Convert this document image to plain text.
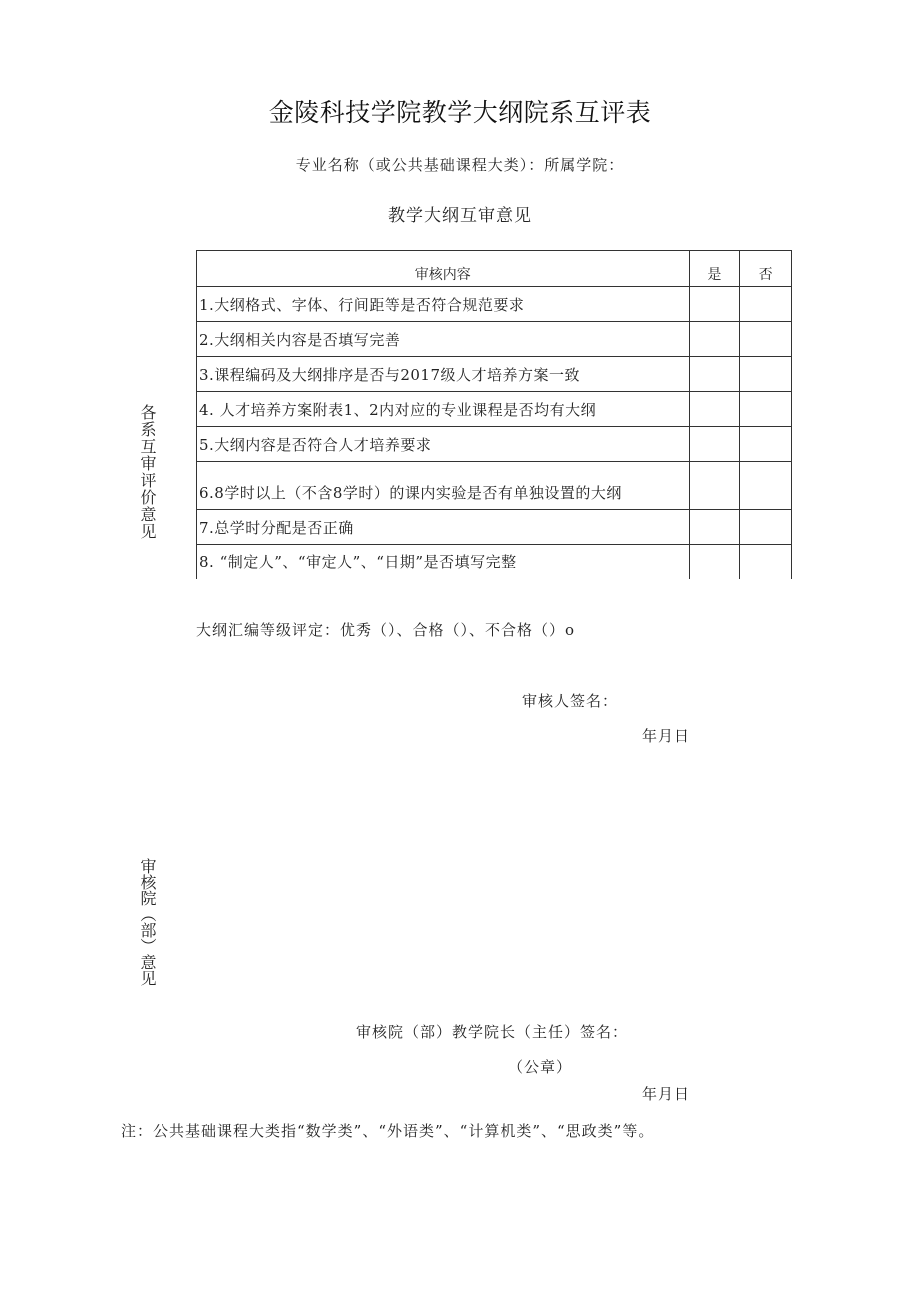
金陵科技学院教学大纲院系互评表
专业名称（或公共基础课程大类）：所属学院：
教学大纲互审意见
各系互审评价意见
审核内容	是	否
1.大纲格式、字体、行间距等是否符合规范要求		
2.大纲相关内容是否填写完善		
3.课程编码及大纲排序是否与2017级人才培养方案一致		
4. 人才培养方案附表1、2内对应的专业课程是否均有大纲		
5.大纲内容是否符合人才培养要求		
6.8学时以上（不含8学时）的课内实验是否有单独设置的大纲		
7.总学时分配是否正确		
8. “制定人”、“审定人”、“日期”是否填写完整		
大纲汇编等级评定：优秀（）、合格（）、不合格（）o
审核人签名：
年月日
审核院（部）意见
审核院（部）教学院长（主任）签名：
（公章）
年月日
注：公共基础课程大类指“数学类”、“外语类”、“计算机类”、“思政类”等。
